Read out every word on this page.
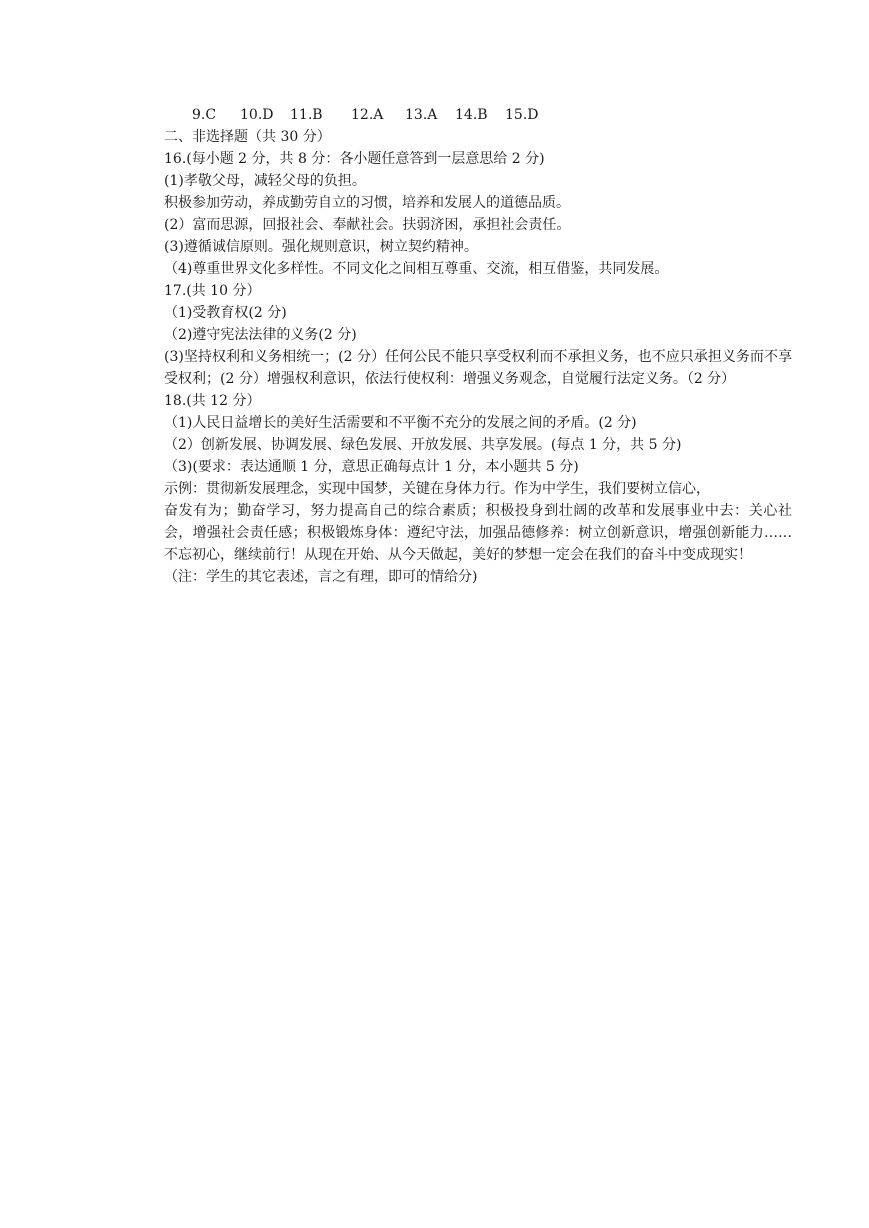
9.C	10.D	11.B	12.A	13.A	14.B	15.D
二、非选择题（共 30 分）
16.(每小题 2 分，共 8 分：各小题任意答到一层意思给 2 分)
(1)孝敬父母，减轻父母的负担。
积极参加劳动，养成勤劳自立的习惯，培养和发展人的道德品质。
(2）富而思源，回报社会、奉献社会。扶弱济困，承担社会责任。
(3)遵循诚信原则。强化规则意识，树立契约精神。
（4)尊重世界文化多样性。不同文化之间相互尊重、交流，相互借鉴，共同发展。
17.(共 10 分）
（1)受教育权(2 分)
（2)遵守宪法法律的义务(2 分)
(3)坚持权利和义务相统一；(2 分）任何公民不能只享受权利而不承担义务，也不应只承担义务而不享受权利；(2 分）增强权利意识，依法行使权利：增强义务观念，自觉履行法定义务。（2 分）
18.(共 12 分）
（1)人民日益增长的美好生活需要和不平衡不充分的发展之间的矛盾。(2 分)
（2）创新发展、协调发展、绿色发展、开放发展、共享发展。(每点 1 分，共 5 分)
（3)(要求：表达通顺 1 分，意思正确每点计 1 分，本小题共 5 分)
示例：贯彻新发展理念，实现中国梦，关键在身体力行。作为中学生，我们要树立信心，
奋发有为；勤奋学习，努力提高自己的综合素质；积极投身到壮阔的改革和发展事业中去：关心社会，增强社会责任感；积极锻炼身体：遵纪守法，加强品德修养：树立创新意识，增强创新能力……不忘初心，继续前行！从现在开始、从今天做起，美好的梦想一定会在我们的奋斗中变成现实！
（注：学生的其它表述，言之有理，即可的情给分)
